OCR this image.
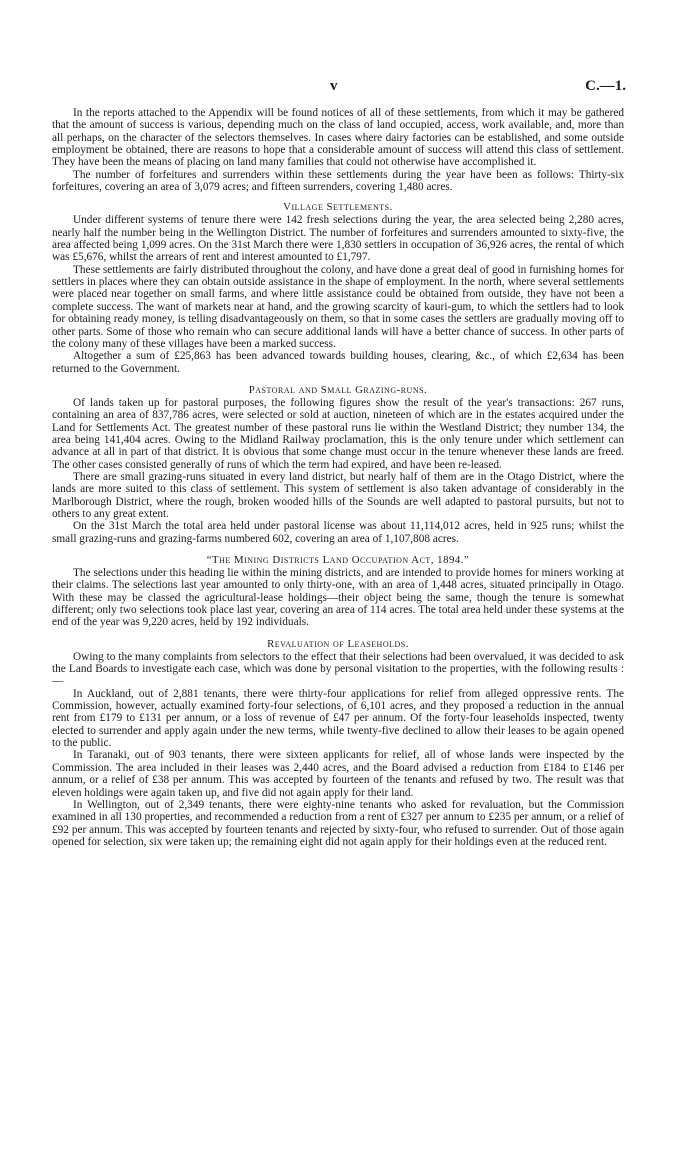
v	C.—1.

In the reports attached to the Appendix will be found notices of all of these settlements, from which it may be gathered that the amount of success is various, depending much on the class of land occupied, access, work available, and, more than all perhaps, on the character of the selectors themselves. In cases where dairy factories can be established, and some outside employment be obtained, there are reasons to hope that a considerable amount of success will attend this class of settlement. They have been the means of placing on land many families that could not otherwise have accomplished it.

The number of forfeitures and surrenders within these settlements during the year have been as follows: Thirty-six forfeitures, covering an area of 3,079 acres; and fifteen surrenders, covering 1,480 acres.

Village Settlements.

Under different systems of tenure there were 142 fresh selections during the year, the area selected being 2,280 acres, nearly half the number being in the Wellington District. The number of forfeitures and surrenders amounted to sixty-five, the area affected being 1,099 acres. On the 31st March there were 1,830 settlers in occupation of 36,926 acres, the rental of which was £5,676, whilst the arrears of rent and interest amounted to £1,797.

These settlements are fairly distributed throughout the colony, and have done a great deal of good in furnishing homes for settlers in places where they can obtain outside assistance in the shape of employment. In the north, where several settlements were placed near together on small farms, and where little assistance could be obtained from outside, they have not been a complete success. The want of markets near at hand, and the growing scarcity of kauri-gum, to which the settlers had to look for obtaining ready money, is telling disadvantageously on them, so that in some cases the settlers are gradually moving off to other parts. Some of those who remain who can secure additional lands will have a better chance of success. In other parts of the colony many of these villages have been a marked success.

Altogether a sum of £25,863 has been advanced towards building houses, clearing, &c., of which £2,634 has been returned to the Government.

Pastoral and Small Grazing-runs.

Of lands taken up for pastoral purposes, the following figures show the result of the year's transactions: 267 runs, containing an area of 837,786 acres, were selected or sold at auction, nineteen of which are in the estates acquired under the Land for Settlements Act. The greatest number of these pastoral runs lie within the Westland District; they number 134, the area being 141,404 acres. Owing to the Midland Railway proclamation, this is the only tenure under which settlement can advance at all in part of that district. It is obvious that some change must occur in the tenure whenever these lands are freed. The other cases consisted generally of runs of which the term had expired, and have been re-leased.

There are small grazing-runs situated in every land district, but nearly half of them are in the Otago District, where the lands are more suited to this class of settlement. This system of settlement is also taken advantage of considerably in the Marlborough District, where the rough, broken wooded hills of the Sounds are well adapted to pastoral pursuits, but not to others to any great extent.

On the 31st March the total area held under pastoral license was about 11,114,012 acres, held in 925 runs; whilst the small grazing-runs and grazing-farms numbered 602, covering an area of 1,107,808 acres.

“The Mining Districts Land Occupation Act, 1894.”

The selections under this heading lie within the mining districts, and are intended to provide homes for miners working at their claims. The selections last year amounted to only thirty-one, with an area of 1,448 acres, situated principally in Otago. With these may be classed the agricultural-lease holdings—their object being the same, though the tenure is somewhat different; only two selections took place last year, covering an area of 114 acres. The total area held under these systems at the end of the year was 9,220 acres, held by 192 individuals.

Revaluation of Leaseholds.

Owing to the many complaints from selectors to the effect that their selections had been overvalued, it was decided to ask the Land Boards to investigate each case, which was done by personal visitation to the properties, with the following results :—

In Auckland, out of 2,881 tenants, there were thirty-four applications for relief from alleged oppressive rents. The Commission, however, actually examined forty-four selections, of 6,101 acres, and they proposed a reduction in the annual rent from £179 to £131 per annum, or a loss of revenue of £47 per annum. Of the forty-four leaseholds inspected, twenty elected to surrender and apply again under the new terms, while twenty-five declined to allow their leases to be again opened to the public.

In Taranaki, out of 903 tenants, there were sixteen applicants for relief, all of whose lands were inspected by the Commission. The area included in their leases was 2,440 acres, and the Board advised a reduction from £184 to £146 per annum, or a relief of £38 per annum. This was accepted by fourteen of the tenants and refused by two. The result was that eleven holdings were again taken up, and five did not again apply for their land.

In Wellington, out of 2,349 tenants, there were eighty-nine tenants who asked for revaluation, but the Commission examined in all 130 properties, and recommended a reduction from a rent of £327 per annum to £235 per annum, or a relief of £92 per annum. This was accepted by fourteen tenants and rejected by sixty-four, who refused to surrender. Out of those again opened for selection, six were taken up; the remaining eight did not again apply for their holdings even at the reduced rent.
